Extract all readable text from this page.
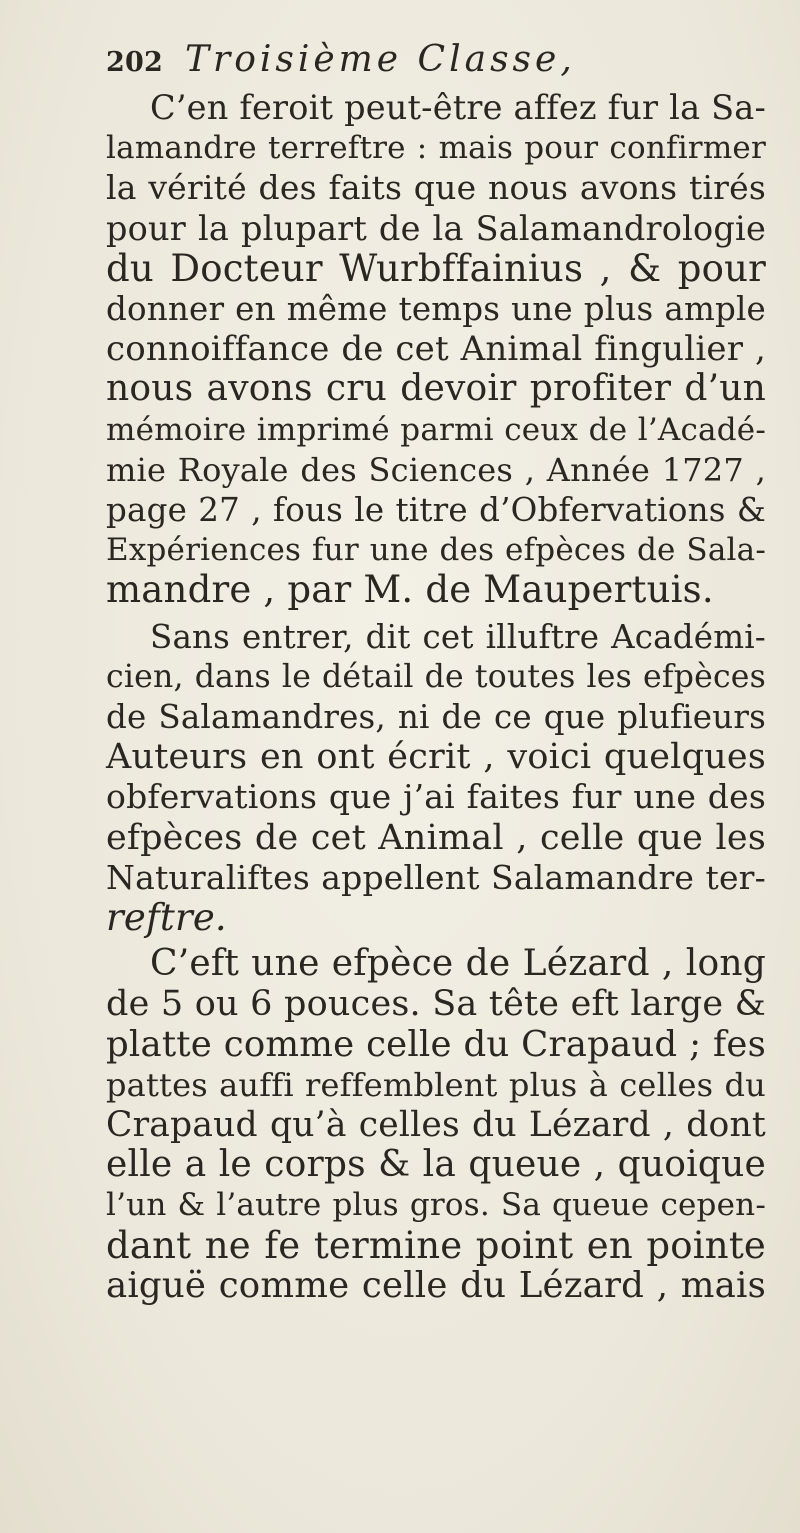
202 Troisième Classe,
C’en feroit peut-être affez fur la Sa-
lamandre terreftre : mais pour confirmer
la vérité des faits que nous avons tirés
pour la plupart de la Salamandrologie
du Docteur Wurbffainius , & pour
donner en même temps une plus ample
connoiffance de cet Animal fingulier ,
nous avons cru devoir profiter d’un
mémoire imprimé parmi ceux de l’Acadé-
mie Royale des Sciences , Année 1727 ,
page 27 , fous le titre d’Obfervations &
Expériences fur une des efpèces de Sala-
mandre , par M. de Maupertuis.
Sans entrer, dit cet illuftre Académi-
cien, dans le détail de toutes les efpèces
de Salamandres, ni de ce que plufieurs
Auteurs en ont écrit , voici quelques
obfervations que j’ai faites fur une des
efpèces de cet Animal , celle que les
Naturaliftes appellent Salamandre ter-
reftre.
C’eft une efpèce de Lézard , long
de 5 ou 6 pouces. Sa tête eft large &
platte comme celle du Crapaud ; fes
pattes auffi reffemblent plus à celles du
Crapaud qu’à celles du Lézard , dont
elle a le corps & la queue , quoique
l’un & l’autre plus gros. Sa queue cepen-
dant ne fe termine point en pointe
aiguë comme celle du Lézard , mais
